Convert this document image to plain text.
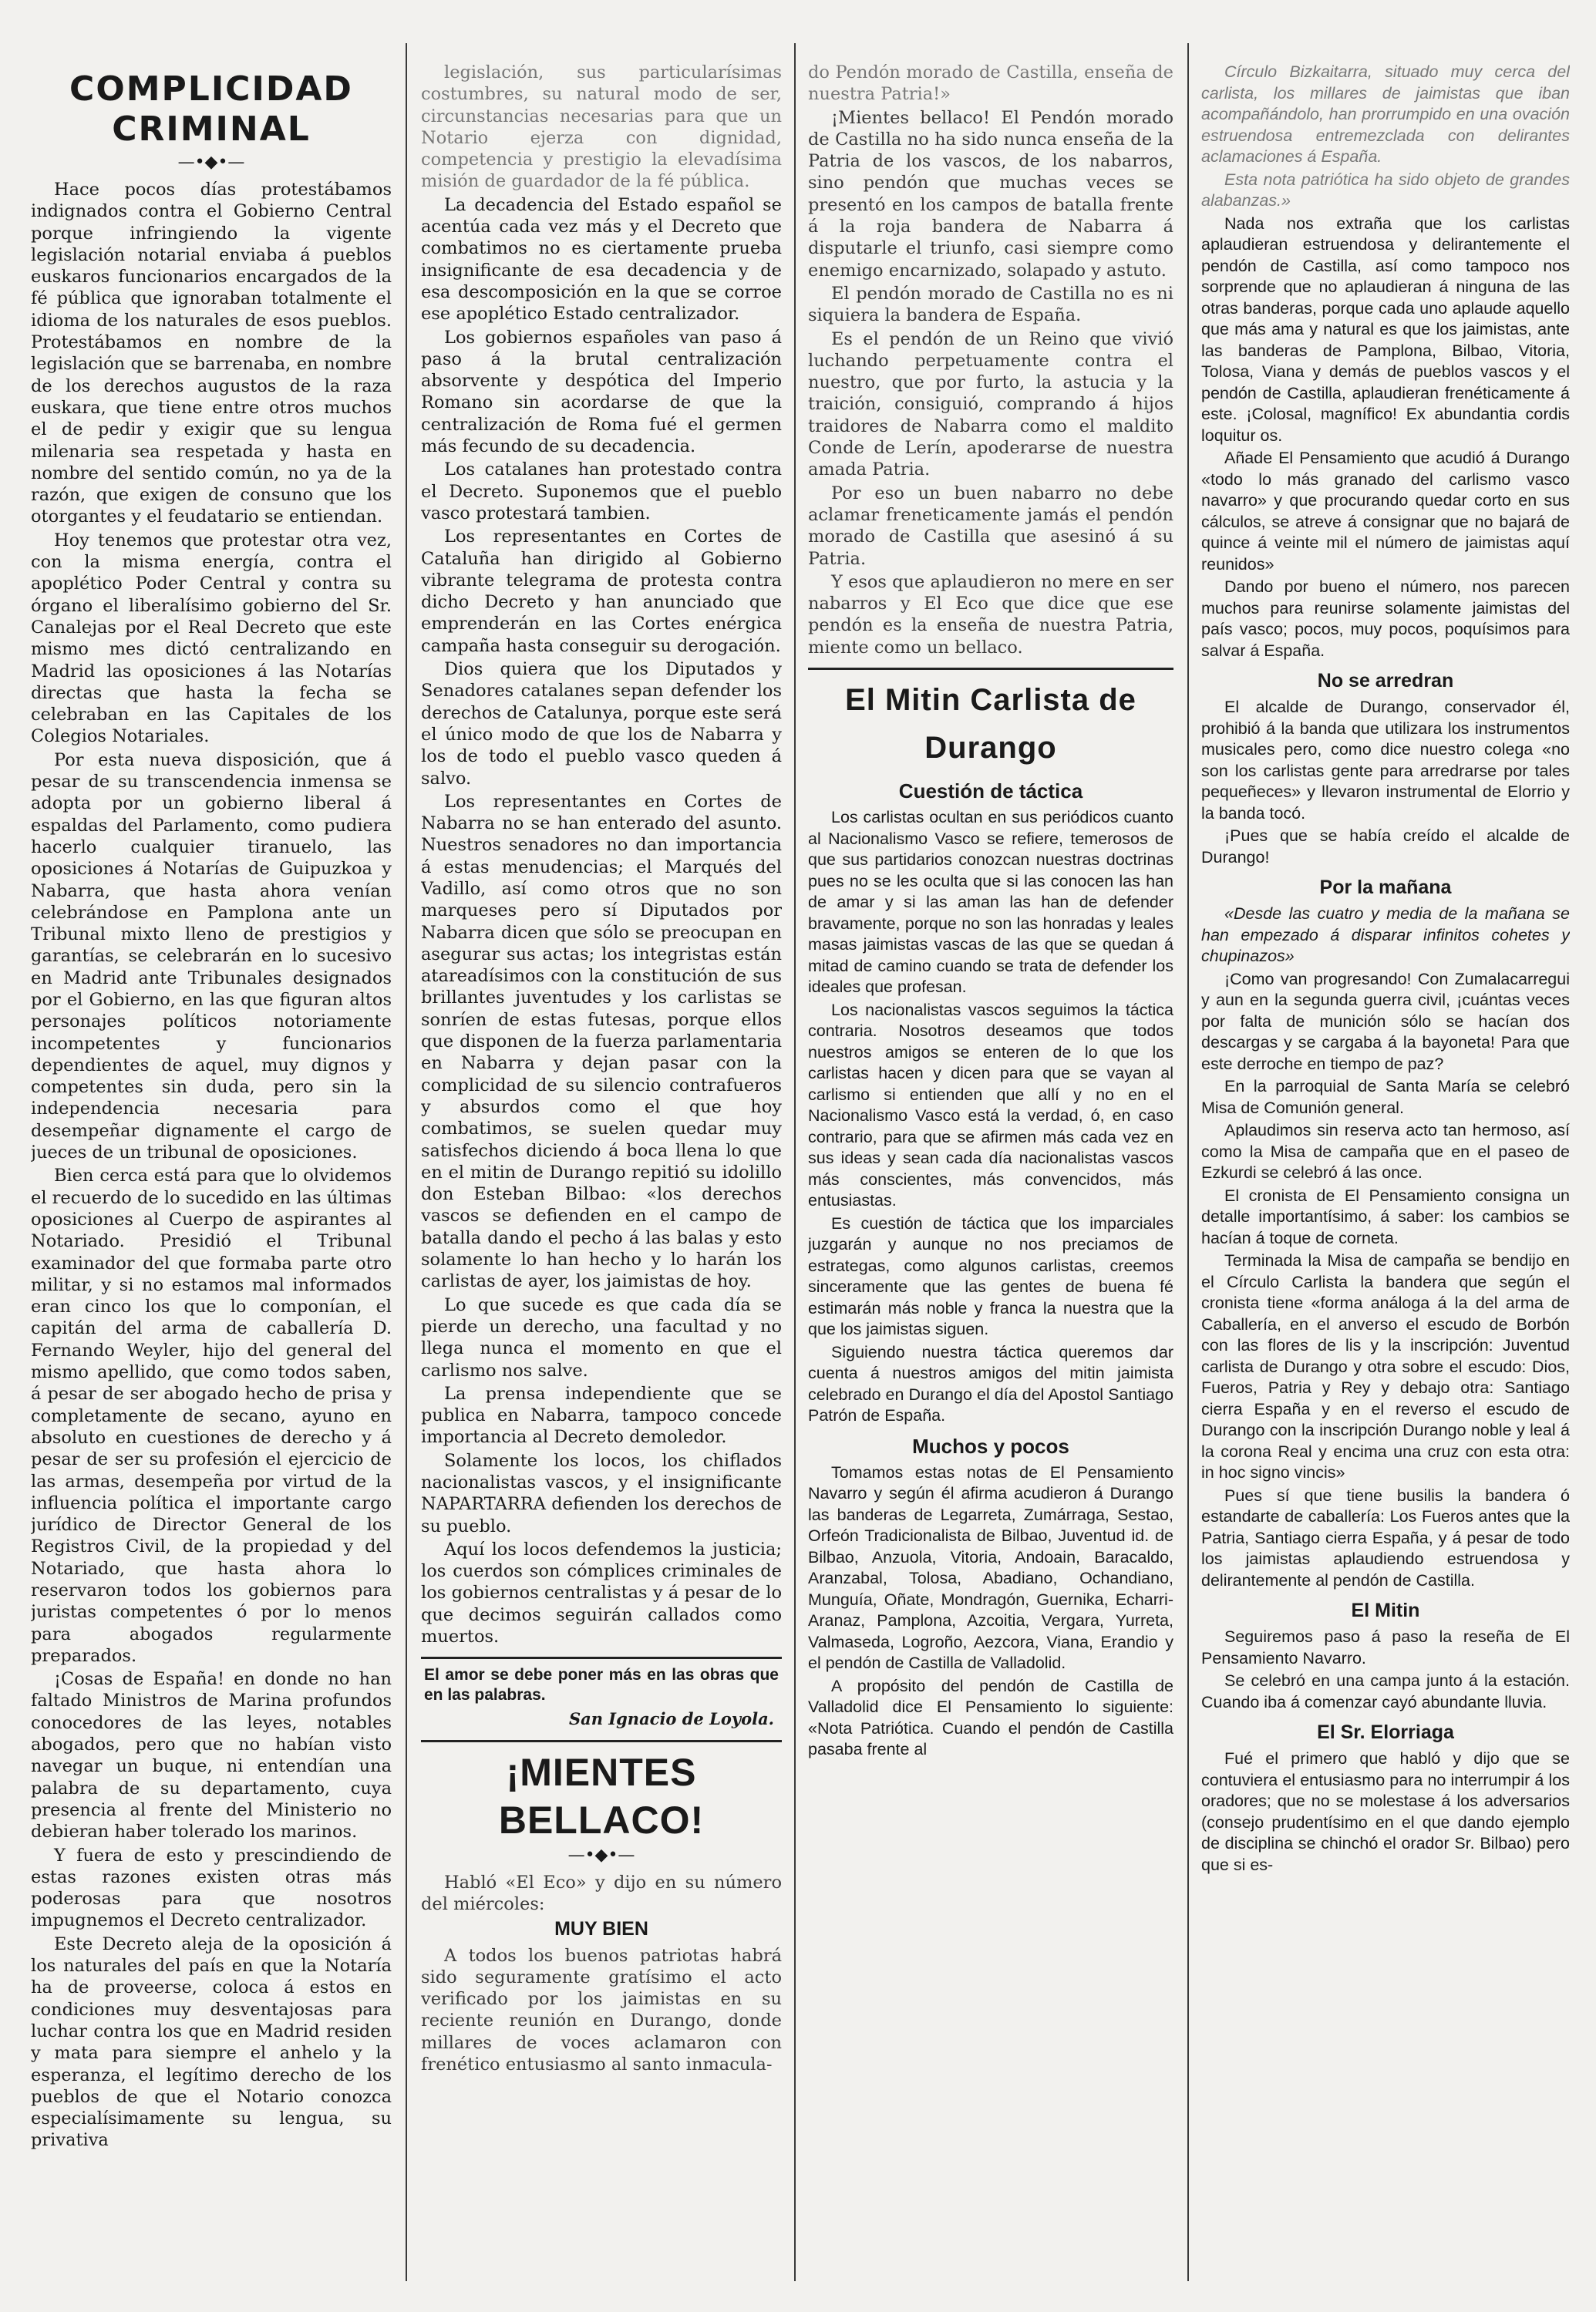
COMPLICIDAD CRIMINAL
—•◆•—

Hace pocos días protestábamos indignados contra el Gobierno Central porque infringiendo la vigente legislación notarial enviaba á pueblos euskaros funcionarios encargados de la fé pública que ignoraban totalmente el idioma de los naturales de esos pueblos. Protestábamos en nombre de la legislación que se barrenaba, en nombre de los derechos augustos de la raza euskara, que tiene entre otros muchos el de pedir y exigir que su lengua milenaria sea respetada y hasta en nombre del sentido común, no ya de la razón, que exigen de consuno que los otorgantes y el feudatario se entiendan.

Hoy tenemos que protestar otra vez, con la misma energía, contra el apoplético Poder Central y contra su órgano el liberalísimo gobierno del Sr. Canalejas por el Real Decreto que este mismo mes dictó centralizando en Madrid las oposiciones á las Notarías directas que hasta la fecha se celebraban en las Capitales de los Colegios Notariales.

Por esta nueva disposición, que á pesar de su transcendencia inmensa se adopta por un gobierno liberal á espaldas del Parlamento, como pudiera hacerlo cualquier tiranuelo, las oposiciones á Notarías de Guipuzkoa y Nabarra, que hasta ahora venían celebrándose en Pamplona ante un Tribunal mixto lleno de prestigios y garantías, se celebrarán en lo sucesivo en Madrid ante Tribunales designados por el Gobierno, en las que figuran altos personajes políticos notoriamente incompetentes y funcionarios dependientes de aquel, muy dignos y competentes sin duda, pero sin la independencia necesaria para desempeñar dignamente el cargo de jueces de un tribunal de oposiciones.

Bien cerca está para que lo olvidemos el recuerdo de lo sucedido en las últimas oposiciones al Cuerpo de aspirantes al Notariado. Presidió el Tribunal examinador del que formaba parte otro militar, y si no estamos mal informados eran cinco los que lo componían, el capitán del arma de caballería D. Fernando Weyler, hijo del general del mismo apellido, que como todos saben, á pesar de ser abogado hecho de prisa y completamente de secano, ayuno en absoluto en cuestiones de derecho y á pesar de ser su profesión el ejercicio de las armas, desempeña por virtud de la influencia política el importante cargo jurídico de Director General de los Registros Civil, de la propiedad y del Notariado, que hasta ahora lo reservaron todos los gobiernos para juristas competentes ó por lo menos para abogados regularmente preparados.

¡Cosas de España! en donde no han faltado Ministros de Marina profundos conocedores de las leyes, notables abogados, pero que no habían visto navegar un buque, ni entendían una palabra de su departamento, cuya presencia al frente del Ministerio no debieran haber tolerado los marinos.

Y fuera de esto y prescindiendo de estas razones existen otras más poderosas para que nosotros impugnemos el Decreto centralizador.

Este Decreto aleja de la oposición á los naturales del país en que la Notaría ha de proveerse, coloca á estos en condiciones muy desventajosas para luchar contra los que en Madrid residen y mata para siempre el anhelo y la esperanza, el legítimo derecho de los pueblos de que el Notario conozca especialísimamente su lengua, su privativa

legislación, sus particularísimas costumbres, su natural modo de ser, circunstancias necesarias para que un Notario ejerza con dignidad, competencia y prestigio la elevadísima misión de guardador de la fé pública.

La decadencia del Estado español se acentúa cada vez más y el Decreto que combatimos no es ciertamente prueba insignificante de esa decadencia y de esa descomposición en la que se corroe ese apoplético Estado centralizador.

Los gobiernos españoles van paso á paso á la brutal centralización absorvente y despótica del Imperio Romano sin acordarse de que la centralización de Roma fué el germen más fecundo de su decadencia.

Los catalanes han protestado contra el Decreto. Suponemos que el pueblo vasco protestará tambien.

Los representantes en Cortes de Cataluña han dirigido al Gobierno vibrante telegrama de protesta contra dicho Decreto y han anunciado que emprenderán en las Cortes enérgica campaña hasta conseguir su derogación.

Dios quiera que los Diputados y Senadores catalanes sepan defender los derechos de Catalunya, porque este será el único modo de que los de Nabarra y los de todo el pueblo vasco queden á salvo.

Los representantes en Cortes de Nabarra no se han enterado del asunto. Nuestros senadores no dan importancia á estas menudencias; el Marqués del Vadillo, así como otros que no son marqueses pero sí Diputados por Nabarra dicen que sólo se preocupan en asegurar sus actas; los integristas están atareadísimos con la constitución de sus brillantes juventudes y los carlistas se sonríen de estas futesas, porque ellos que disponen de la fuerza parlamentaria en Nabarra y dejan pasar con la complicidad de su silencio contrafueros y absurdos como el que hoy combatimos, se suelen quedar muy satisfechos diciendo á boca llena lo que en el mitin de Durango repitió su idolillo don Esteban Bilbao: «los derechos vascos se defienden en el campo de batalla dando el pecho á las balas y esto solamente lo han hecho y lo harán los carlistas de ayer, los jaimistas de hoy.

Lo que sucede es que cada día se pierde un derecho, una facultad y no llega nunca el momento en que el carlismo nos salve.

La prensa independiente que se publica en Nabarra, tampoco concede importancia al Decreto demoledor.

Solamente los locos, los chiflados nacionalistas vascos, y el insignificante NAPARTARRA defienden los derechos de su pueblo.

Aquí los locos defendemos la justicia; los cuerdos son cómplices criminales de los gobiernos centralistas y á pesar de lo que decimos seguirán callados como muertos.

El amor se debe poner más en las obras que en las palabras.
San Ignacio de Loyola.
¡MIENTES BELLACO!
—•◆•—

Habló «El Eco» y dijo en su número del miércoles:

MUY BIEN

A todos los buenos patriotas habrá sido seguramente gratísimo el acto verificado por los jaimistas en su reciente reunión en Durango, donde millares de voces aclamaron con frenético entusiasmo al santo inmacula-

do Pendón morado de Castilla, enseña de nuestra Patria!»

¡Mientes bellaco! El Pendón morado de Castilla no ha sido nunca enseña de la Patria de los vascos, de los nabarros, sino pendón que muchas veces se presentó en los campos de batalla frente á la roja bandera de Nabarra á disputarle el triunfo, casi siempre como enemigo encarnizado, solapado y astuto.

El pendón morado de Castilla no es ni siquiera la bandera de España.

Es el pendón de un Reino que vivió luchando perpetuamente contra el nuestro, que por furto, la astucia y la traición, consiguió, comprando á hijos traidores de Nabarra como el maldito Conde de Lerín, apoderarse de nuestra amada Patria.

Por eso un buen nabarro no debe aclamar freneticamente jamás el pendón morado de Castilla que asesinó á su Patria.

Y esos que aplaudieron no mere en ser nabarros y El Eco que dice que ese pendón es la enseña de nuestra Patria, miente como un bellaco.

El Mitin Carlista de Durango
Cuestión de táctica

Los carlistas ocultan en sus periódicos cuanto al Nacionalismo Vasco se refiere, temerosos de que sus partidarios conozcan nuestras doctrinas pues no se les oculta que si las conocen las han de amar y si las aman las han de defender bravamente, porque no son las honradas y leales masas jaimistas vascas de las que se quedan á mitad de camino cuando se trata de defender los ideales que profesan.

Los nacionalistas vascos seguimos la táctica contraria. Nosotros deseamos que todos nuestros amigos se enteren de lo que los carlistas hacen y dicen para que se vayan al carlismo si entienden que allí y no en el Nacionalismo Vasco está la verdad, ó, en caso contrario, para que se afirmen más cada vez en sus ideas y sean cada día nacionalistas vascos más conscientes, más convencidos, más entusiastas.

Es cuestión de táctica que los imparciales juzgarán y aunque no nos preciamos de estrategas, como algunos carlistas, creemos sinceramente que las gentes de buena fé estimarán más noble y franca la nuestra que la que los jaimistas siguen.

Siguiendo nuestra táctica queremos dar cuenta á nuestros amigos del mitin jaimista celebrado en Durango el día del Apostol Santiago Patrón de España.

Muchos y pocos

Tomamos estas notas de El Pensamiento Navarro y según él afirma acudieron á Durango las banderas de Legarreta, Zumárraga, Sestao, Orfeón Tradicionalista de Bilbao, Juventud id. de Bilbao, Anzuola, Vitoria, Andoain, Baracaldo, Aranzabal, Tolosa, Abadiano, Ochandiano, Munguía, Oñate, Mondragón, Guernika, Echarri-Aranaz, Pamplona, Azcoitia, Vergara, Yurreta, Valmaseda, Logroño, Aezcora, Viana, Erandio y el pendón de Castilla de Valladolid.

A propósito del pendón de Castilla de Valladolid dice El Pensamiento lo siguiente: «Nota Patriótica. Cuando el pendón de Castilla pasaba frente al

Círculo Bizkaitarra, situado muy cerca del carlista, los millares de jaimistas que iban acompañándolo, han prorrumpido en una ovación estruendosa entremezclada con delirantes aclamaciones á España.

Esta nota patriótica ha sido objeto de grandes alabanzas.»

Nada nos extraña que los carlistas aplaudieran estruendosa y delirantemente el pendón de Castilla, así como tampoco nos sorprende que no aplaudieran á ninguna de las otras banderas, porque cada uno aplaude aquello que más ama y natural es que los jaimistas, ante las banderas de Pamplona, Bilbao, Vitoria, Tolosa, Viana y demás de pueblos vascos y el pendón de Castilla, aplaudieran frenéticamente á este. ¡Colosal, magnífico! Ex abundantia cordis loquitur os.

Añade El Pensamiento que acudió á Durango «todo lo más granado del carlismo vasco navarro» y que procurando quedar corto en sus cálculos, se atreve á consignar que no bajará de quince á veinte mil el número de jaimistas aquí reunidos»

Dando por bueno el número, nos parecen muchos para reunirse solamente jaimistas del país vasco; pocos, muy pocos, poquísimos para salvar á España.

No se arredran

El alcalde de Durango, conservador él, prohibió á la banda que utilizara los instrumentos musicales pero, como dice nuestro colega «no son los carlistas gente para arredrarse por tales pequeñeces» y llevaron instrumental de Elorrio y la banda tocó.

¡Pues que se había creído el alcalde de Durango!

Por la mañana

«Desde las cuatro y media de la mañana se han empezado á disparar infinitos cohetes y chupinazos»

¡Como van progresando! Con Zumalacarregui y aun en la segunda guerra civil, ¡cuántas veces por falta de munición sólo se hacían dos descargas y se cargaba á la bayoneta! Para que este derroche en tiempo de paz?

En la parroquial de Santa María se celebró Misa de Comunión general.

Aplaudimos sin reserva acto tan hermoso, así como la Misa de campaña que en el paseo de Ezkurdi se celebró á las once.

El cronista de El Pensamiento consigna un detalle importantísimo, á saber: los cambios se hacían á toque de corneta.

Terminada la Misa de campaña se bendijo en el Círculo Carlista la bandera que según el cronista tiene «forma análoga á la del arma de Caballería, en el anverso el escudo de Borbón con las flores de lis y la inscripción: Juventud carlista de Durango y otra sobre el escudo: Dios, Fueros, Patria y Rey y debajo otra: Santiago cierra España y en el reverso el escudo de Durango con la inscripción Durango noble y leal á la corona Real y encima una cruz con esta otra: in hoc signo vincis»

Pues sí que tiene busilis la bandera ó estandarte de caballería: Los Fueros antes que la Patria, Santiago cierra España, y á pesar de todo los jaimistas aplaudiendo estruendosa y delirantemente al pendón de Castilla.

El Mitin

Seguiremos paso á paso la reseña de El Pensamiento Navarro.

Se celebró en una campa junto á la estación. Cuando iba á comenzar cayó abundante lluvia.

El Sr. Elorriaga

Fué el primero que habló y dijo que se contuviera el entusiasmo para no interrumpir á los oradores; que no se molestase á los adversarios (consejo prudentísimo en el que dando ejemplo de disciplina se chinchó el orador Sr. Bilbao) pero que si es-
